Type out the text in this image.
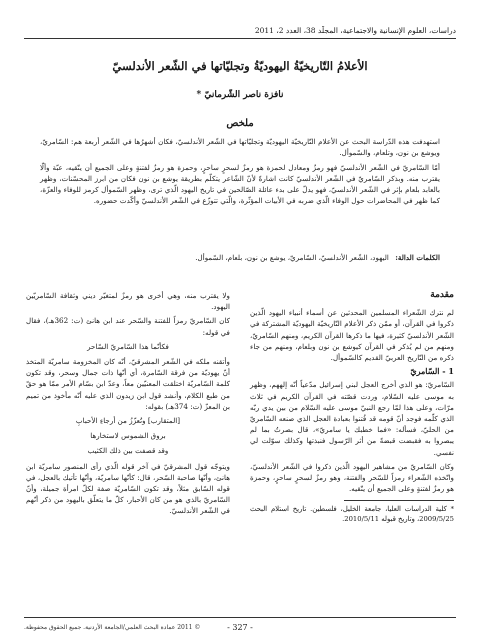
دراسات، العلوم الإنسانية والاجتماعية، المجلّد 38، العدد 2، 2011
الأعلامُ التّاريخيّةُ اليهوديّةُ وتجليّاتها في الشّعر الأندلسيّ
نافزة ناصر الشّرمانيّ *
ملخص

استهدفت هذه الدّراسة البحث عن الأعلام التّاريخيّة اليهوديّة وتجليّاتها في الشّعر الأندلسيّ، فكان أشهرُها في الشّعر أربعة هم: السّامريّ، ويوشع بن نون، وتلعام، والسّموأل.

أمّا السّامريّ في الشّعر الأندلسيّ فهو رمزٌ ومعادل لحمزة هو رمزٌ لسحرٍ ساحرٍ، وحمزة هو رمزٌ لفتنةٍ وعلى الجميع أن يتّقيه، عبّة وألّا يقترب منه. وبذكر السّامريّ في الشّعر الأندلسيّ كانت اشارةً لأنّ الشّاعر يتكلّم بطريقة يوشع بن نون فكان من ابرز المحسّنات، وظهر بالعابد بلعام بإثر في الشّعر الأندلسيّ، فهو يدلّ على بدء عائلة الصّالحين في تاريخ اليهود الّذي ترى، وظهر السّموأل كرمز للوفاء والعزّة، كما ظهر في المحاضرات حول الوفاء الّذي ضربه في الأبيات المؤثّرة، والّتي تتوزّع في الشّعر الأندلسيّ وأكّدت حضوره.

الكلمات الدالة: اليهود، الشّعر الأندلسيّ، السّامريّ، يوشع بن نون، بلعام، السّموأل.
مقدمة

لم نترك الشّعراء المسلمين المحدثين عن أسماء أنبياء اليهود الّذين ذكروا في القرآن، أو ممّن ذكر الأعلام التّاريخيّة اليهوديّة المشتركة في الشّعر الأندلسيّ كثيرة، فيها ما ذكرها القرآن الكريم، ومنهم السّامريّ، ومنهم من لم يُذكر في القرآن كيوشع بن نون وبلعام، ومنهم من جاء ذكره من التّاريخ العربيّ القديم كالسّموأل.

1 - السّامريّ

السّامريّ: هو الذي أخرج العجل لبني إسرائيل مدّعياً أنّه إلههم، وظهر به موسى عليه السّلام، وردت قصّته في القرآن الكريم في ثلاث مرّات، وعلى هذا لمّا رجع النبيّ موسى عليه السّلام من بين يدي ربّه الذي كلّمه فوجد أنّ قومه قد فُتنوا بعبادة العجل الذي صنعه السّامريّ من الحليّ، فسأله: «فما خطبك يا سامريّ»، قال بصرتُ بما لم يبصروا به فقبضت قبضةً من أثر الرّسول فنبذتها وكذلك سوّلت لي نفسي.

وكان السّامريّ من مشاهير اليهود الّذين ذكروا في الشّعر الأندلسيّ، واتّخذه الشّعراء رمزاً للسّحر والفتنة، وهو رمزٌ لسحرٍ ساحرٍ، وحمزة هو رمزٌ لفتنةٍ وعلى الجميع أن يتّقيه.

* كلية الدراسات العليا، جامعة الخليل، فلسطين. تاريخ استلام البحث 2009/5/25، وتاريخ قبوله 2010/5/11.

ولا يقترب منه، وهي أخرى هو رمزٌ لمتغيّر ديني وثقافة السّامريّين اليهود.

كان السّامريّ رمزاً للفتنة والسّحر عند ابن هانئ (ت: 362هـ)، فقال في قوله:

فكأنّما هذا السّامريّ السّاحر

وأتقنه ملكه في الشّعر المشرقيّ، أنّه كان المخزومة سامريّة المتخذ أنّ يهوديّة من فرقة السّامرة، أي أنّها ذات جمال وسحر، وقد تكون كلمة السّامريّة اختلقت المعنيّين معاً، وعدّ ابن بسّام الأمر ممّا هو حقّ من طبع الكلام، وأنشد قول ابن زيدون الذي عليه أنّه مأخوذ من تميم بن المعزّ (ت: 374هـ) بقوله:

[المتقارب] وتُعزّزُ من أرجاءِ الأحبابِ
بروق الشموس لاستخارها
وقد قصفت بين ذلك الكثيب

ويتوجّه قول المشرقيّ في آخر قوله الّذي رأى المنصور سامريّة ابن هانئ، وأنّها صاحبة السّحر، قال: كأنّها سامريّة، وأنّها تأتيك بالعجل، في قوله السّابق مثلاً، وقد تكون السّامريّة صفة لكلّ امرأة جميلة، وأنّ السّامريّ بالذي هو من كان الأحبار، كلّ ما يتعلّق باليهود من ذكر أنّهم في الشّعر الأندلسيّ.

© 2011 عمادة البحث العلمي/الجامعة الأردنية. جميع الحقوق محفوظة.	- 327 -
